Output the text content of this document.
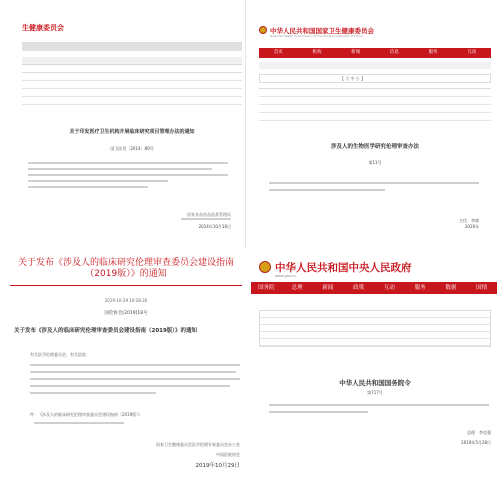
生健康委员会
关于印发医疗卫生机构开展临床研究项目管理办法的通知
国卫医发〔2014〕80号
国家食品药品监督管理局
2014年10月16日
中华人民共和国国家卫生健康委员会
National Health Commission of the People's Republic of China
首页	机构	新闻	信息	服务	互动
【 大 中 小 】
涉及人的生物医学研究伦理审查办法
第11号
主任：李斌
2016年
关于发布《涉及人的临床研究伦理审查委员会建设指南（2019版）》的通知
2019-10-29 10:28:30
国伦协会[2019]18号
关于发布《涉及人的临床研究伦理审查委员会建设指南（2019版）》的通知
有关医学伦理委员会，有关医院：
件：《涉及人的临床研究伦理审查委员会建设指南（2019版）》
国家卫生健康委员会医学伦理专家委员会办公室
中国医院协会
2019年10月29日
中华人民共和国中央人民政府
www.gov.cn
国务院	总理	新闻	政策	互动	服务	数据	国情
中华人民共和国国务院令
第717号
总理　李克强
2019年5月28日
